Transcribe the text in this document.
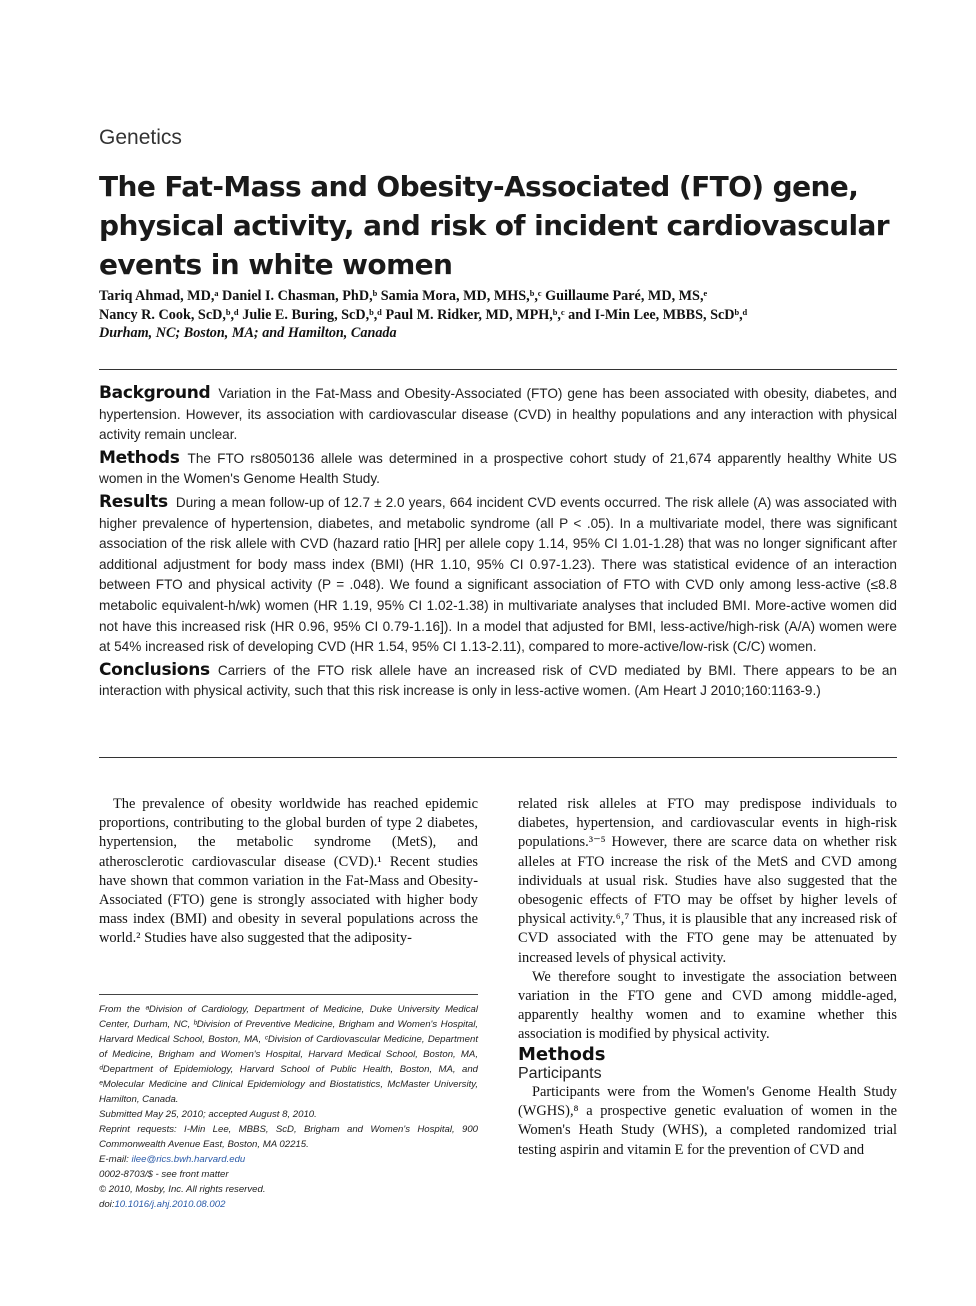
Genetics
The Fat-Mass and Obesity-Associated (FTO) gene, physical activity, and risk of incident cardiovascular events in white women
Tariq Ahmad, MD,ᵃ Daniel I. Chasman, PhD,ᵇ Samia Mora, MD, MHS,ᵇ,ᶜ Guillaume Paré, MD, MS,ᵉ
Nancy R. Cook, ScD,ᵇ,ᵈ Julie E. Buring, ScD,ᵇ,ᵈ Paul M. Ridker, MD, MPH,ᵇ,ᶜ and I-Min Lee, MBBS, ScDᵇ,ᵈ
Durham, NC; Boston, MA; and Hamilton, Canada

Background Variation in the Fat-Mass and Obesity-Associated (FTO) gene has been associated with obesity, diabetes, and hypertension. However, its association with cardiovascular disease (CVD) in healthy populations and any interaction with physical activity remain unclear.

Methods The FTO rs8050136 allele was determined in a prospective cohort study of 21,674 apparently healthy White US women in the Women's Genome Health Study.

Results During a mean follow-up of 12.7 ± 2.0 years, 664 incident CVD events occurred. The risk allele (A) was associated with higher prevalence of hypertension, diabetes, and metabolic syndrome (all P < .05). In a multivariate model, there was significant association of the risk allele with CVD (hazard ratio [HR] per allele copy 1.14, 95% CI 1.01-1.28) that was no longer significant after additional adjustment for body mass index (BMI) (HR 1.10, 95% CI 0.97-1.23). There was statistical evidence of an interaction between FTO and physical activity (P = .048). We found a significant association of FTO with CVD only among less-active (≤8.8 metabolic equivalent-h/wk) women (HR 1.19, 95% CI 1.02-1.38) in multivariate analyses that included BMI. More-active women did not have this increased risk (HR 0.96, 95% CI 0.79-1.16]). In a model that adjusted for BMI, less-active/high-risk (A/A) women were at 54% increased risk of developing CVD (HR 1.54, 95% CI 1.13-2.11), compared to more-active/low-risk (C/C) women.

Conclusions Carriers of the FTO risk allele have an increased risk of CVD mediated by BMI. There appears to be an interaction with physical activity, such that this risk increase is only in less-active women. (Am Heart J 2010;160:1163-9.)

The prevalence of obesity worldwide has reached epidemic proportions, contributing to the global burden of type 2 diabetes, hypertension, the metabolic syndrome (MetS), and atherosclerotic cardiovascular disease (CVD).¹ Recent studies have shown that common variation in the Fat-Mass and Obesity-Associated (FTO) gene is strongly associated with higher body mass index (BMI) and obesity in several populations across the world.² Studies have also suggested that the adiposity-

From the ᵃDivision of Cardiology, Department of Medicine, Duke University Medical Center, Durham, NC, ᵇDivision of Preventive Medicine, Brigham and Women's Hospital, Harvard Medical School, Boston, MA, ᶜDivision of Cardiovascular Medicine, Department of Medicine, Brigham and Women's Hospital, Harvard Medical School, Boston, MA, ᵈDepartment of Epidemiology, Harvard School of Public Health, Boston, MA, and ᵉMolecular Medicine and Clinical Epidemiology and Biostatistics, McMaster University, Hamilton, Canada.

Submitted May 25, 2010; accepted August 8, 2010.

Reprint requests: I-Min Lee, MBBS, ScD, Brigham and Women's Hospital, 900 Commonwealth Avenue East, Boston, MA 02215.

E-mail: ilee@rics.bwh.harvard.edu

0002-8703/$ - see front matter

© 2010, Mosby, Inc. All rights reserved.

doi:10.1016/j.ahj.2010.08.002

related risk alleles at FTO may predispose individuals to diabetes, hypertension, and cardiovascular events in high-risk populations.³⁻⁵ However, there are scarce data on whether risk alleles at FTO increase the risk of the MetS and CVD among individuals at usual risk. Studies have also suggested that the obesogenic effects of FTO may be offset by higher levels of physical activity.⁶,⁷ Thus, it is plausible that any increased risk of CVD associated with the FTO gene may be attenuated by increased levels of physical activity.

We therefore sought to investigate the association between variation in the FTO gene and CVD among middle-aged, apparently healthy women and to examine whether this association is modified by physical activity.

Methods

Participants

Participants were from the Women's Genome Health Study (WGHS),⁸ a prospective genetic evaluation of women in the Women's Heath Study (WHS), a completed randomized trial testing aspirin and vitamin E for the prevention of CVD and
